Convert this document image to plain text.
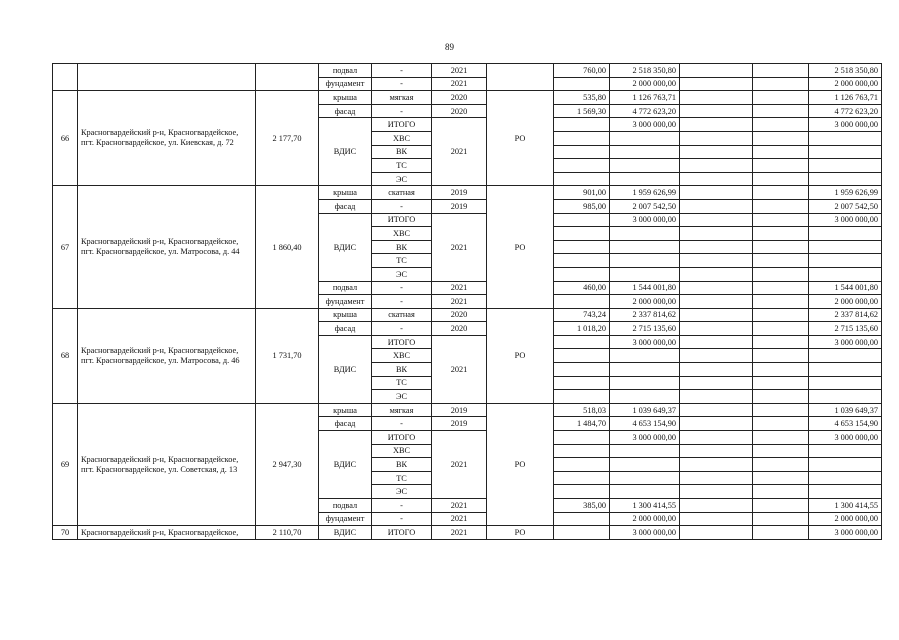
89
			подвал	-	2021		760,00	2 518 350,80			2 518 350,80
			фундамент	-	2021			2 000 000,00			2 000 000,00
66	Красногвардейский р-н, Красногвардейское, пгт. Красногвардейское, ул. Киевская, д. 72	2 177,70	крыша	мягкая	2020	РО	535,80	1 126 763,71			1 126 763,71
			фасад	-	2020		1 569,30	4 772 623,20			4 772 623,20
			ВДИС	ИТОГО	2021			3 000 000,00			3 000 000,00
				ХВС							
				ВК							
				ТС							
				ЭС							
67	Красногвардейский р-н, Красногвардейское, пгт. Красногвардейское, ул. Матросова, д. 44	1 860,40	крыша	скатная	2019	РО	901,00	1 959 626,99			1 959 626,99
			фасад	-	2019		985,00	2 007 542,50			2 007 542,50
			ВДИС	ИТОГО	2021			3 000 000,00			3 000 000,00
				ХВС							
				ВК							
				ТС							
				ЭС							
			подвал	-	2021		460,00	1 544 001,80			1 544 001,80
			фундамент	-	2021			2 000 000,00			2 000 000,00
68	Красногвардейский р-н, Красногвардейское, пгт. Красногвардейское, ул. Матросова, д. 46	1 731,70	крыша	скатная	2020	РО	743,24	2 337 814,62			2 337 814,62
			фасад	-	2020		1 018,20	2 715 135,60			2 715 135,60
			ВДИС	ИТОГО	2021			3 000 000,00			3 000 000,00
				ХВС							
				ВК							
				ТС							
				ЭС							
69	Красногвардейский р-н, Красногвардейское, пгт. Красногвардейское, ул. Советская, д. 13	2 947,30	крыша	мягкая	2019	РО	518,03	1 039 649,37			1 039 649,37
			фасад	-	2019		1 484,70	4 653 154,90			4 653 154,90
			ВДИС	ИТОГО	2021			3 000 000,00			3 000 000,00
				ХВС							
				ВК							
				ТС							
				ЭС							
			подвал	-	2021		385,00	1 300 414,55			1 300 414,55
			фундамент	-	2021			2 000 000,00			2 000 000,00
70	Красногвардейский р-н, Красногвардейское,	2 110,70	ВДИС	ИТОГО	2021	РО		3 000 000,00			3 000 000,00
